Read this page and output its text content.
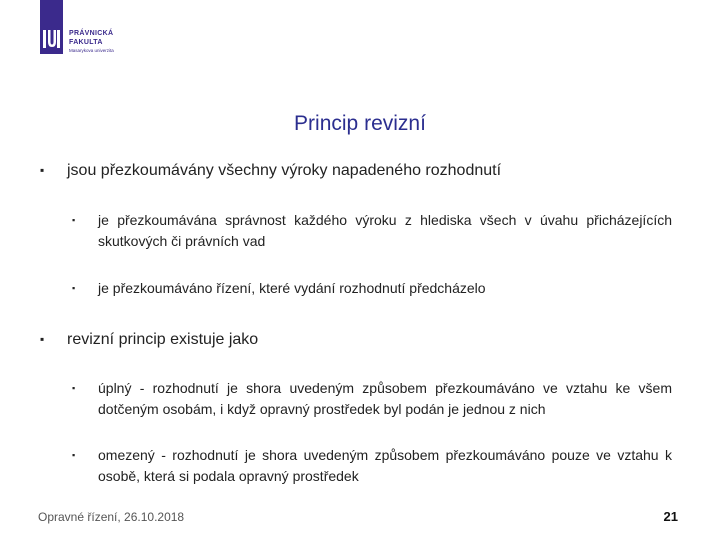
PRÁVNICKÁ
FAKULTA
Masarykova univerzita
Princip revizní
▪ jsou přezkoumávány všechny výroky napadeného rozhodnutí
▪ je přezkoumávána správnost každého výroku z hlediska všech v úvahu přicházejících skutkových či právních vad
▪ je přezkoumáváno řízení, které vydání rozhodnutí předcházelo
▪ revizní princip existuje jako
▪ úplný - rozhodnutí je shora uvedeným způsobem přezkoumáváno ve vztahu ke všem dotčeným osobám, i když opravný prostředek byl podán je jednou z nich
▪ omezený - rozhodnutí je shora uvedeným způsobem přezkoumáváno pouze ve vztahu k osobě, která si podala opravný prostředek
Opravné řízení, 26.10.2018	21
